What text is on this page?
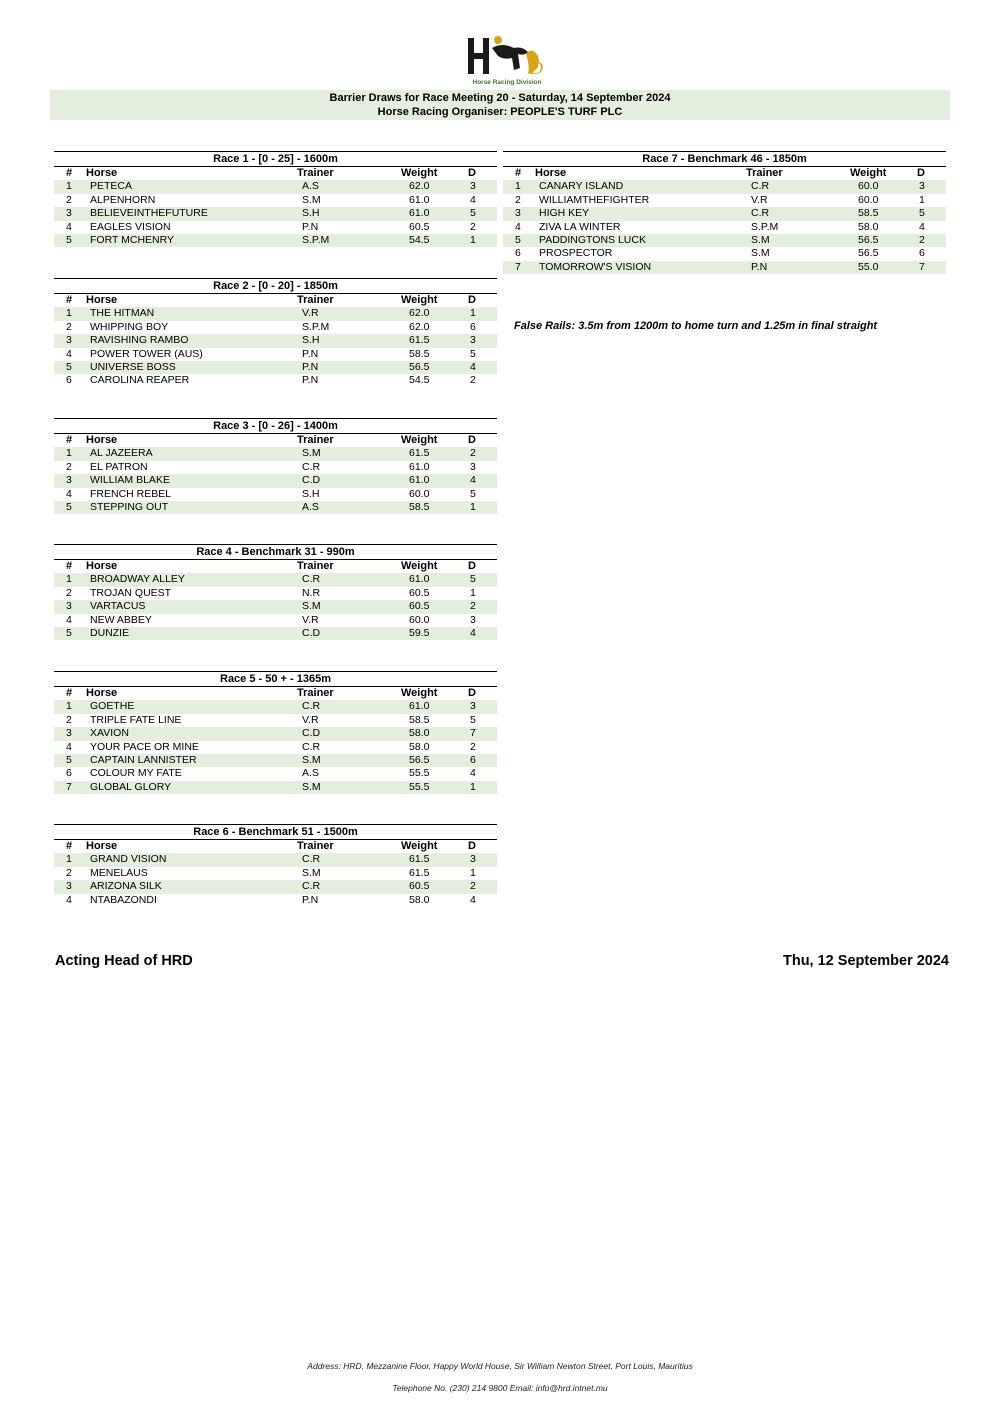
D
Horse Racing Division
Barrier Draws for Race Meeting 20 - Saturday, 14 September 2024
Horse Racing Organiser: PEOPLE'S TURF PLC
Race 1 - [0 - 25] - 1600m
#	Horse	Trainer	Weight	D
1	PETECA	A.S	62.0	3
2	ALPENHORN	S.M	61.0	4
3	BELIEVEINTHEFUTURE	S.H	61.0	5
4	EAGLES VISION	P.N	60.5	2
5	FORT MCHENRY	S.P.M	54.5	1
Race 2 - [0 - 20] - 1850m
#	Horse	Trainer	Weight	D
1	THE HITMAN	V.R	62.0	1
2	WHIPPING BOY	S.P.M	62.0	6
3	RAVISHING RAMBO	S.H	61.5	3
4	POWER TOWER (AUS)	P.N	58.5	5
5	UNIVERSE BOSS	P.N	56.5	4
6	CAROLINA REAPER	P.N	54.5	2
Race 3 - [0 - 26] - 1400m
#	Horse	Trainer	Weight	D
1	AL JAZEERA	S.M	61.5	2
2	EL PATRON	C.R	61.0	3
3	WILLIAM BLAKE	C.D	61.0	4
4	FRENCH REBEL	S.H	60.0	5
5	STEPPING OUT	A.S	58.5	1
Race 4 - Benchmark 31 - 990m
#	Horse	Trainer	Weight	D
1	BROADWAY ALLEY	C.R	61.0	5
2	TROJAN QUEST	N.R	60.5	1
3	VARTACUS	S.M	60.5	2
4	NEW ABBEY	V.R	60.0	3
5	DUNZIE	C.D	59.5	4
Race 5 - 50 + - 1365m
#	Horse	Trainer	Weight	D
1	GOETHE	C.R	61.0	3
2	TRIPLE FATE LINE	V.R	58.5	5
3	XAVION	C.D	58.0	7
4	YOUR PACE OR MINE	C.R	58.0	2
5	CAPTAIN LANNISTER	S.M	56.5	6
6	COLOUR MY FATE	A.S	55.5	4
7	GLOBAL GLORY	S.M	55.5	1
Race 6 - Benchmark 51 - 1500m
#	Horse	Trainer	Weight	D
1	GRAND VISION	C.R	61.5	3
2	MENELAUS	S.M	61.5	1
3	ARIZONA SILK	C.R	60.5	2
4	NTABAZONDI	P.N	58.0	4
Race 7 - Benchmark 46 - 1850m
#	Horse	Trainer	Weight	D
1	CANARY ISLAND	C.R	60.0	3
2	WILLIAMTHEFIGHTER	V.R	60.0	1
3	HIGH KEY	C.R	58.5	5
4	ZIVA LA WINTER	S.P.M	58.0	4
5	PADDINGTONS LUCK	S.M	56.5	2
6	PROSPECTOR	S.M	56.5	6
7	TOMORROW'S VISION	P.N	55.0	7
False Rails: 3.5m from 1200m to home turn and 1.25m in final straight
Acting Head of HRD	Thu, 12 September 2024
Address: HRD, Mezzanine Floor, Happy World House, Sir William Newton Street, Port Louis, Mauritius
Telephone No. (230) 214 9800 Email: info@hrd.intnet.mu
